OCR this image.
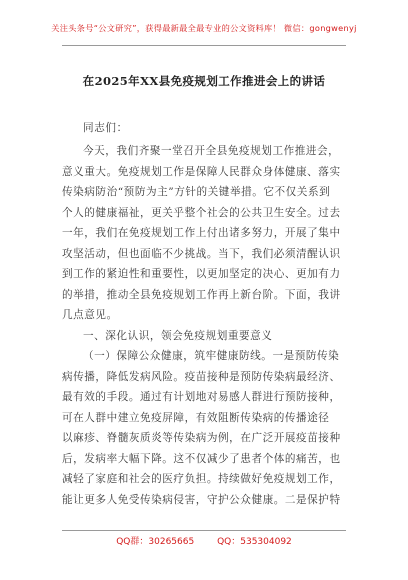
关注头条号“公文研究”，获得最新最全最专业的公文资料库！ 微信：gongwenyj
在2025年XX县免疫规划工作推进会上的讲话
同志们：
今天，我们齐聚一堂召开全县免疫规划工作推进会，
意义重大。免疫规划工作是保障人民群众身体健康、落实
传染病防治“预防为主”方针的关键举措。它不仅关系到
个人的健康福祉，更关乎整个社会的公共卫生安全。过去
一年，我们在免疫规划工作上付出诸多努力，开展了集中
攻坚活动，但也面临不少挑战。当下，我们必须清醒认识
到工作的紧迫性和重要性，以更加坚定的决心、更加有力
的举措，推动全县免疫规划工作再上新台阶。下面，我讲
几点意见。
一、深化认识，领会免疫规划重要意义
（一）保障公众健康，筑牢健康防线。一是预防传染
病传播，降低发病风险。疫苗接种是预防传染病最经济、
最有效的手段。通过有计划地对易感人群进行预防接种，
可在人群中建立免疫屏障，有效阻断传染病的传播途径
以麻疹、脊髓灰质炎等传染病为例，在广泛开展疫苗接种
后，发病率大幅下降。这不仅减少了患者个体的痛苦，也
减轻了家庭和社会的医疗负担。持续做好免疫规划工作，
能让更多人免受传染病侵害，守护公众健康。二是保护特
QQ群：30265665	QQ：535304092
